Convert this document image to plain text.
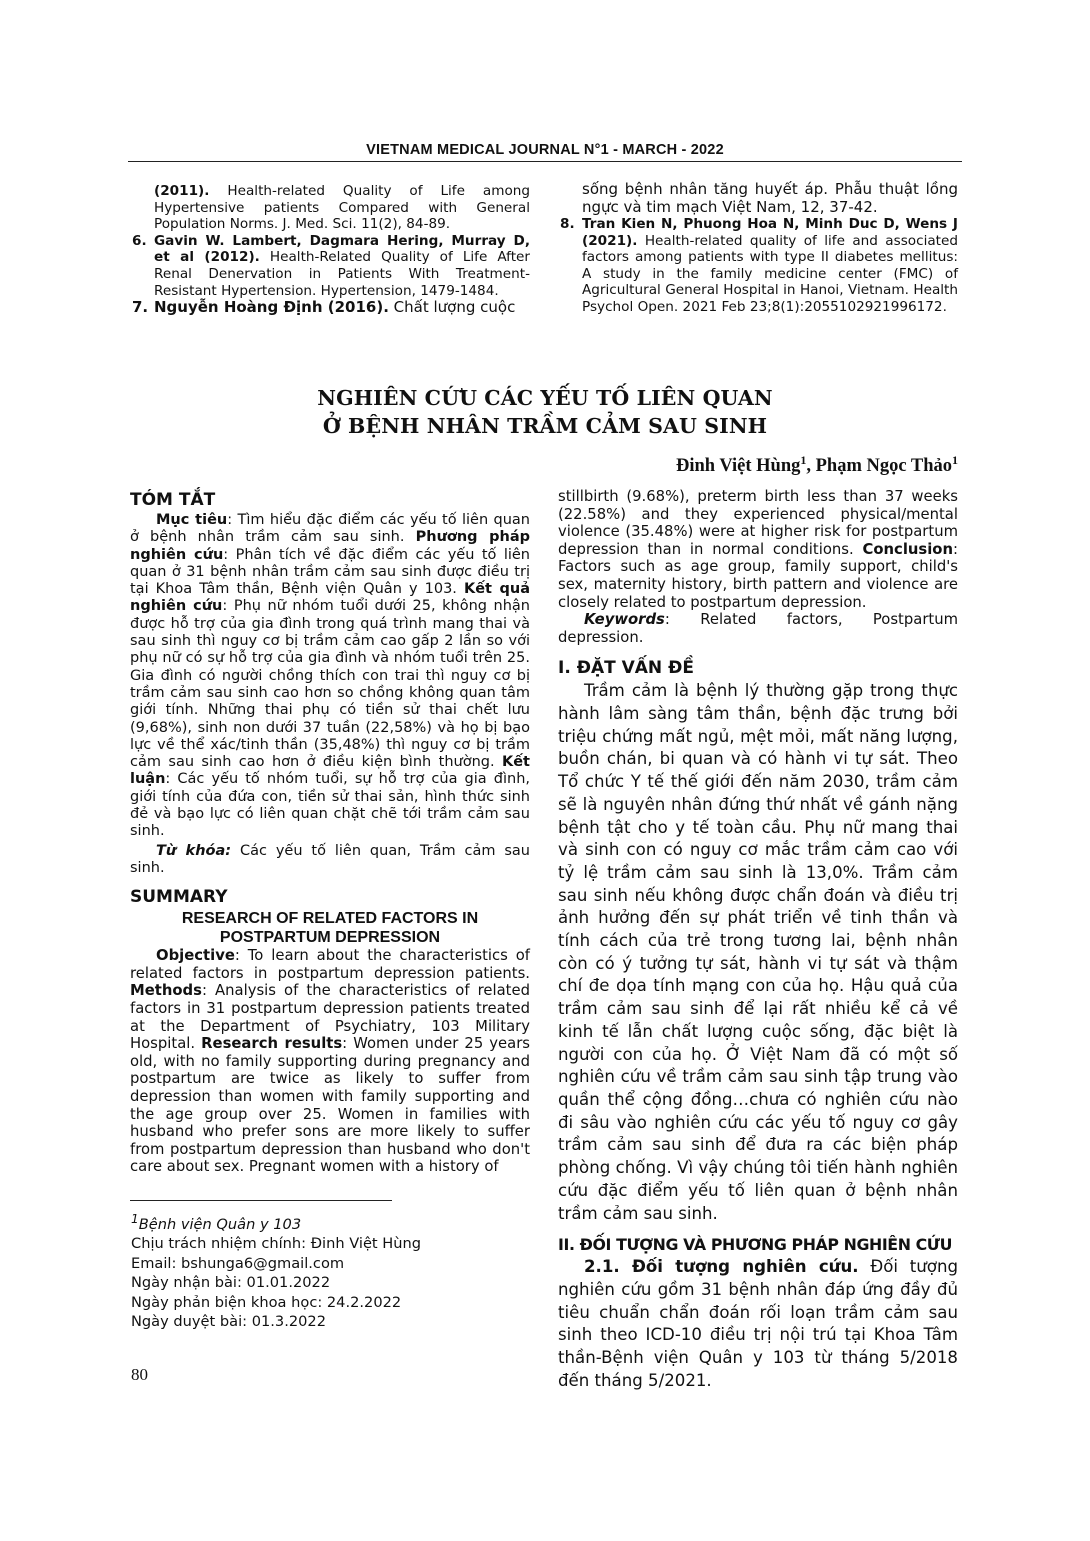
VIETNAM MEDICAL JOURNAL N°1 - MARCH - 2022

(2011). Health-related Quality of Life among Hypertensive patients Compared with General Population Norms. J. Med. Sci. 11(2), 84-89.

6. Gavin W. Lambert, Dagmara Hering, Murray D, et al (2012). Health-Related Quality of Life After Renal Denervation in Patients With Treatment-Resistant Hypertension. Hypertension, 1479-1484.

7. Nguyễn Hoàng Định (2016). Chất lượng cuộc

sống bệnh nhân tăng huyết áp. Phẫu thuật lồng ngực và tim mạch Việt Nam, 12, 37-42.

8. Tran Kien N, Phuong Hoa N, Minh Duc D, Wens J (2021). Health-related quality of life and associated factors among patients with type II diabetes mellitus: A study in the family medicine center (FMC) of Agricultural General Hospital in Hanoi, Vietnam. Health Psychol Open. 2021 Feb 23;8(1):2055102921996172.

NGHIÊN CỨU CÁC YẾU TỐ LIÊN QUAN
Ở BỆNH NHÂN TRẦM CẢM SAU SINH
Đinh Việt Hùng$^1$, Phạm Ngọc Thảo$^1$
TÓM TẮT

Mục tiêu: Tìm hiểu đặc điểm các yếu tố liên quan ở bệnh nhân trầm cảm sau sinh. Phương pháp nghiên cứu: Phân tích về đặc điểm các yếu tố liên quan ở 31 bệnh nhân trầm cảm sau sinh được điều trị tại Khoa Tâm thần, Bệnh viện Quân y 103. Kết quả nghiên cứu: Phụ nữ nhóm tuổi dưới 25, không nhận được hỗ trợ của gia đình trong quá trình mang thai và sau sinh thì nguy cơ bị trầm cảm cao gấp 2 lần so với phụ nữ có sự hỗ trợ của gia đình và nhóm tuổi trên 25. Gia đình có người chồng thích con trai thì nguy cơ bị trầm cảm sau sinh cao hơn so chồng không quan tâm giới tính. Những thai phụ có tiền sử thai chết lưu (9,68%), sinh non dưới 37 tuần (22,58%) và họ bị bạo lực về thể xác/tinh thần (35,48%) thì nguy cơ bị trầm cảm sau sinh cao hơn ở điều kiện bình thường. Kết luận: Các yếu tố nhóm tuổi, sự hỗ trợ của gia đình, giới tính của đứa con, tiền sử thai sản, hình thức sinh đẻ và bạo lực có liên quan chặt chẽ tới trầm cảm sau sinh.

Từ khóa: Các yếu tố liên quan, Trầm cảm sau sinh.

SUMMARY
RESEARCH OF RELATED FACTORS IN POSTPARTUM DEPRESSION

Objective: To learn about the characteristics of related factors in postpartum depression patients. Methods: Analysis of the characteristics of related factors in 31 postpartum depression patients treated at the Department of Psychiatry, 103 Military Hospital. Research results: Women under 25 years old, with no family supporting during pregnancy and postpartum are twice as likely to suffer from depression than women with family supporting and the age group over 25. Women in families with husband who prefer sons are more likely to suffer from postpartum depression than husband who don't care about sex. Pregnant women with a history of

$^1$Bệnh viện Quân y 103
Chịu trách nhiệm chính: Đinh Việt Hùng
Email: bshunga6@gmail.com
Ngày nhận bài: 01.01.2022
Ngày phản biện khoa học: 24.2.2022
Ngày duyệt bài: 01.3.2022

stillbirth (9.68%), preterm birth less than 37 weeks (22.58%) and they experienced physical/mental violence (35.48%) were at higher risk for postpartum depression than in normal conditions. Conclusion: Factors such as age group, family support, child's sex, maternity history, birth pattern and violence are closely related to postpartum depression.

Keywords: Related factors, Postpartum depression.

I. ĐẶT VẤN ĐỀ

Trầm cảm là bệnh lý thường gặp trong thực hành lâm sàng tâm thần, bệnh đặc trưng bởi triệu chứng mất ngủ, mệt mỏi, mất năng lượng, buồn chán, bi quan và có hành vi tự sát. Theo Tổ chức Y tế thế giới đến năm 2030, trầm cảm sẽ là nguyên nhân đứng thứ nhất về gánh nặng bệnh tật cho y tế toàn cầu. Phụ nữ mang thai và sinh con có nguy cơ mắc trầm cảm cao với tỷ lệ trầm cảm sau sinh là 13,0%. Trầm cảm sau sinh nếu không được chẩn đoán và điều trị ảnh hưởng đến sự phát triển về tinh thần và tính cách của trẻ trong tương lai, bệnh nhân còn có ý tưởng tự sát, hành vi tự sát và thậm chí đe dọa tính mạng con của họ. Hậu quả của trầm cảm sau sinh để lại rất nhiều kể cả về kinh tế lẫn chất lượng cuộc sống, đặc biệt là người con của họ. Ở Việt Nam đã có một số nghiên cứu về trầm cảm sau sinh tập trung vào quần thể cộng đồng…chưa có nghiên cứu nào đi sâu vào nghiên cứu các yếu tố nguy cơ gây trầm cảm sau sinh để đưa ra các biện pháp phòng chống. Vì vậy chúng tôi tiến hành nghiên cứu đặc điểm yếu tố liên quan ở bệnh nhân trầm cảm sau sinh.

II. ĐỐI TƯỢNG VÀ PHƯƠNG PHÁP NGHIÊN CỨU

2.1. Đối tượng nghiên cứu. Đối tượng nghiên cứu gồm 31 bệnh nhân đáp ứng đầy đủ tiêu chuẩn chẩn đoán rối loạn trầm cảm sau sinh theo ICD-10 điều trị nội trú tại Khoa Tâm thần-Bệnh viện Quân y 103 từ tháng 5/2018 đến tháng 5/2021.

80
